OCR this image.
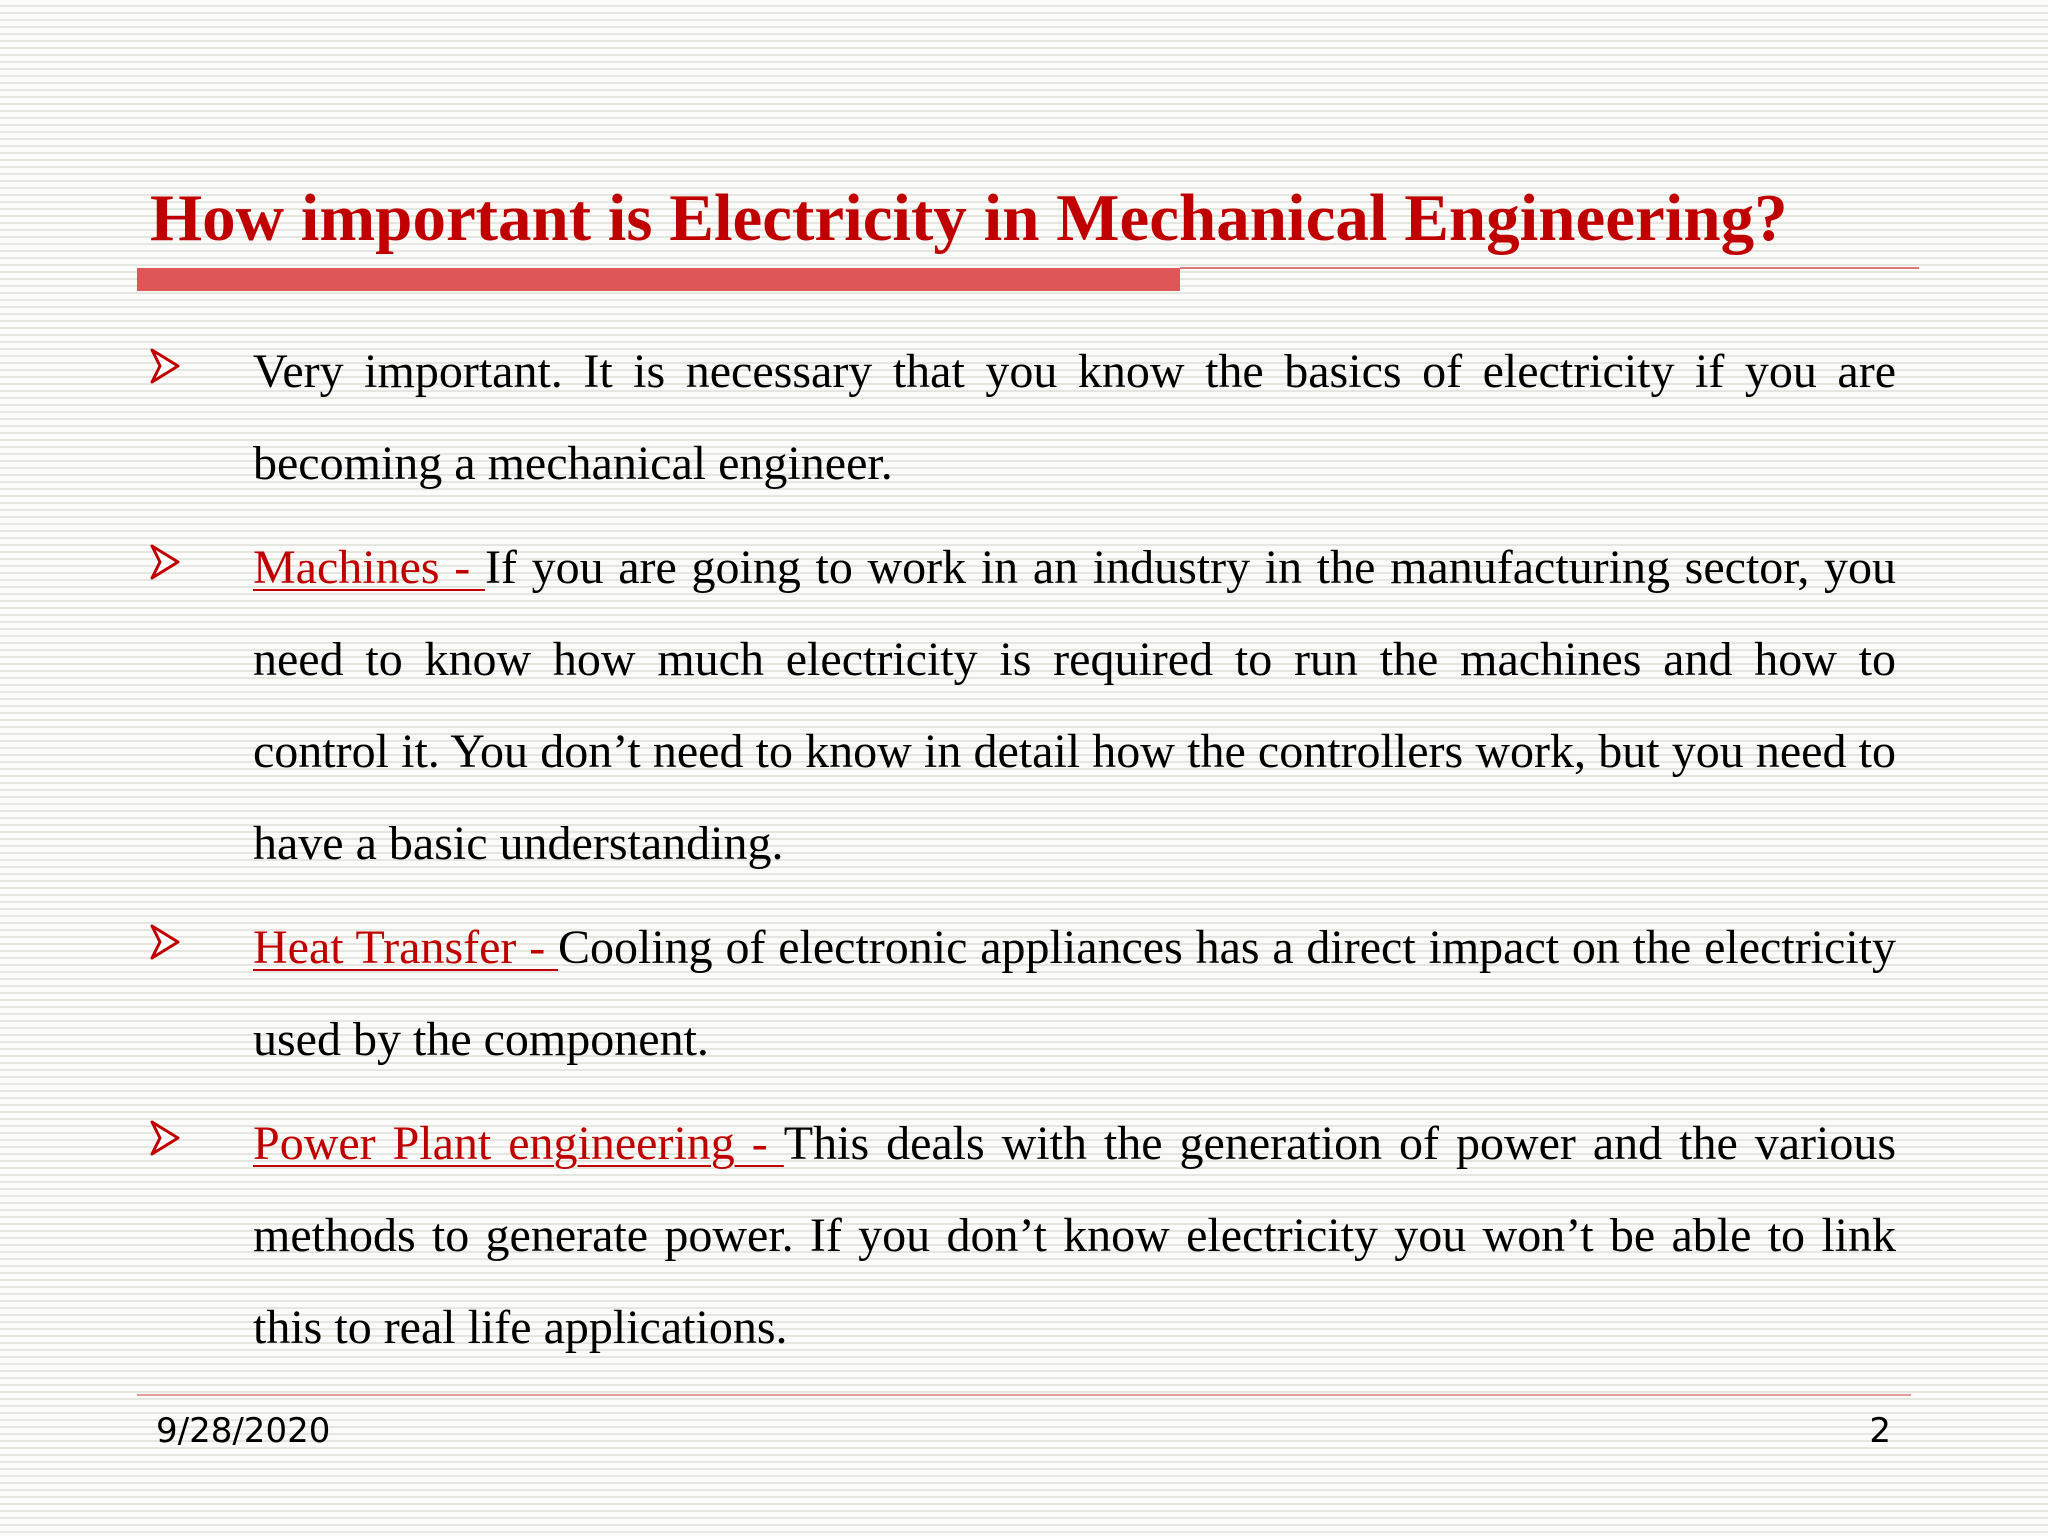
How important is Electricity in Mechanical Engineering?

Very important. It is necessary that you know the basics of electricity if you are becoming a mechanical engineer.

Machines - If you are going to work in an industry in the manufacturing sector, you need to know how much electricity is required to run the machines and how to control it. You don’t need to know in detail how the controllers work, but you need to have a basic understanding.

Heat Transfer - Cooling of electronic appliances has a direct impact on the electricity used by the component.

Power Plant engineering - This deals with the generation of power and the various methods to generate power. If you don’t know electricity you won’t be able to link this to real life applications.

9/28/2020	2
